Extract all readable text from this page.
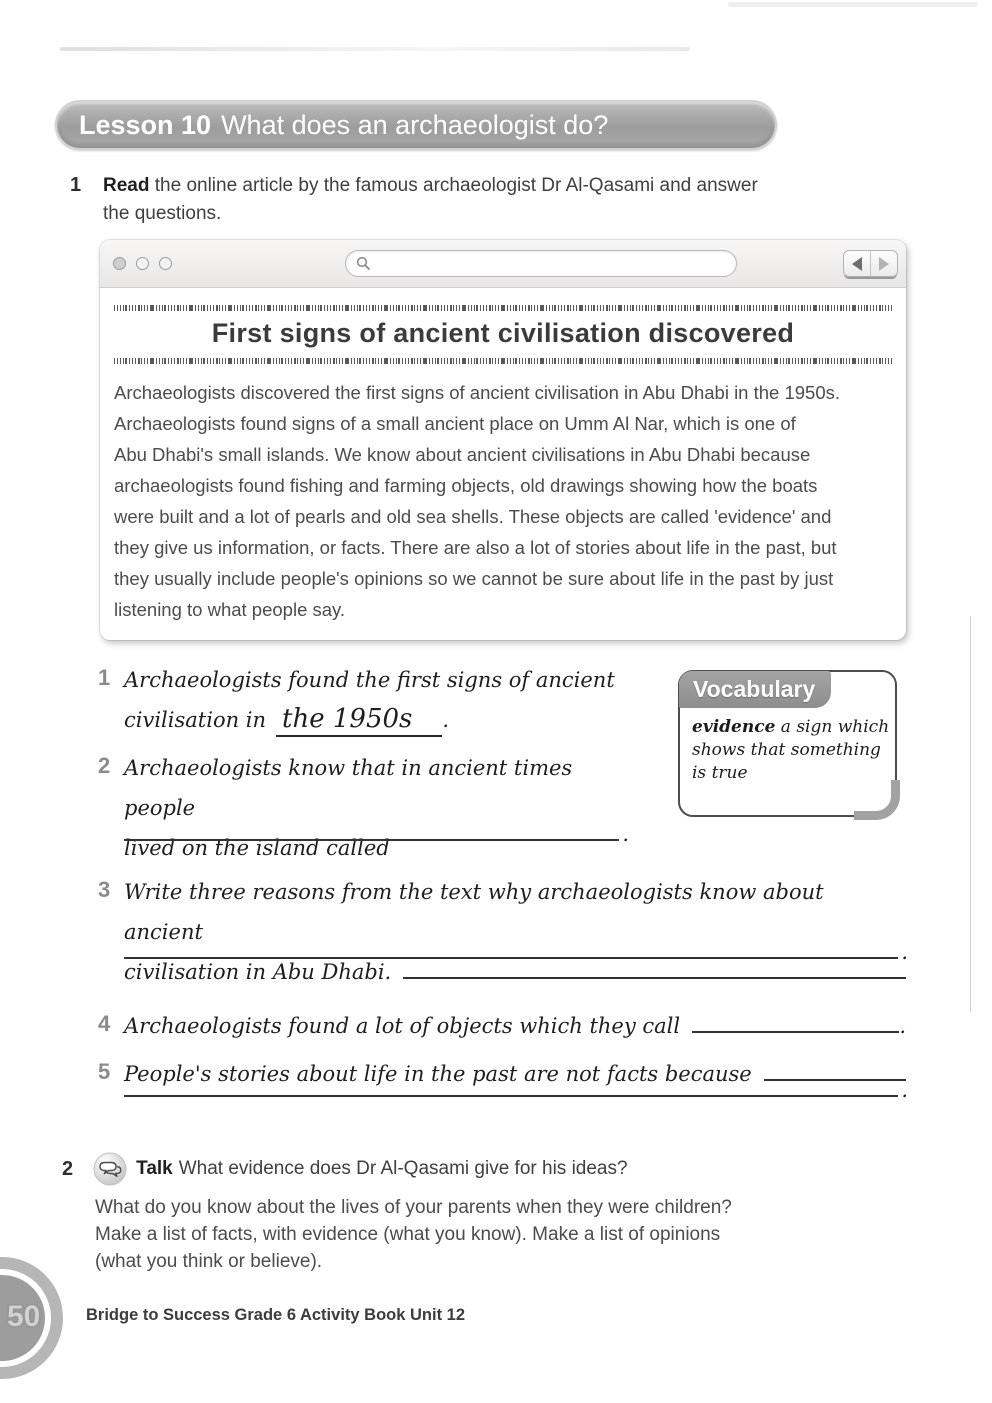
Lesson 10 What does an archaeologist do?
1 Read the online article by the famous archaeologist Dr Al-Qasami and answer
the questions.
First signs of ancient civilisation discovered
Archaeologists discovered the first signs of ancient civilisation in Abu Dhabi in the 1950s.
Archaeologists found signs of a small ancient place on Umm Al Nar, which is one of
Abu Dhabi's small islands. We know about ancient civilisations in Abu Dhabi because
archaeologists found fishing and farming objects, old drawings showing how the boats
were built and a lot of pearls and old sea shells. These objects are called 'evidence' and
they give us information, or facts. There are also a lot of stories about life in the past, but
they usually include people's opinions so we cannot be sure about life in the past by just
listening to what people say.
1 Archaeologists found the first signs of ancient
civilisation in the 1950s .
2 Archaeologists know that in ancient times people
lived on the island called
.
Vocabulary
evidence a sign which
shows that something
is true
3 Write three reasons from the text why archaeologists know about ancient
civilisation in Abu Dhabi.
.
4 Archaeologists found a lot of objects which they call	.
5 People's stories about life in the past are not facts because
.
2	Talk What evidence does Dr Al-Qasami give for his ideas?
What do you know about the lives of your parents when they were children?
Make a list of facts, with evidence (what you know). Make a list of opinions
(what you think or believe).
50	Bridge to Success Grade 6 Activity Book Unit 12
